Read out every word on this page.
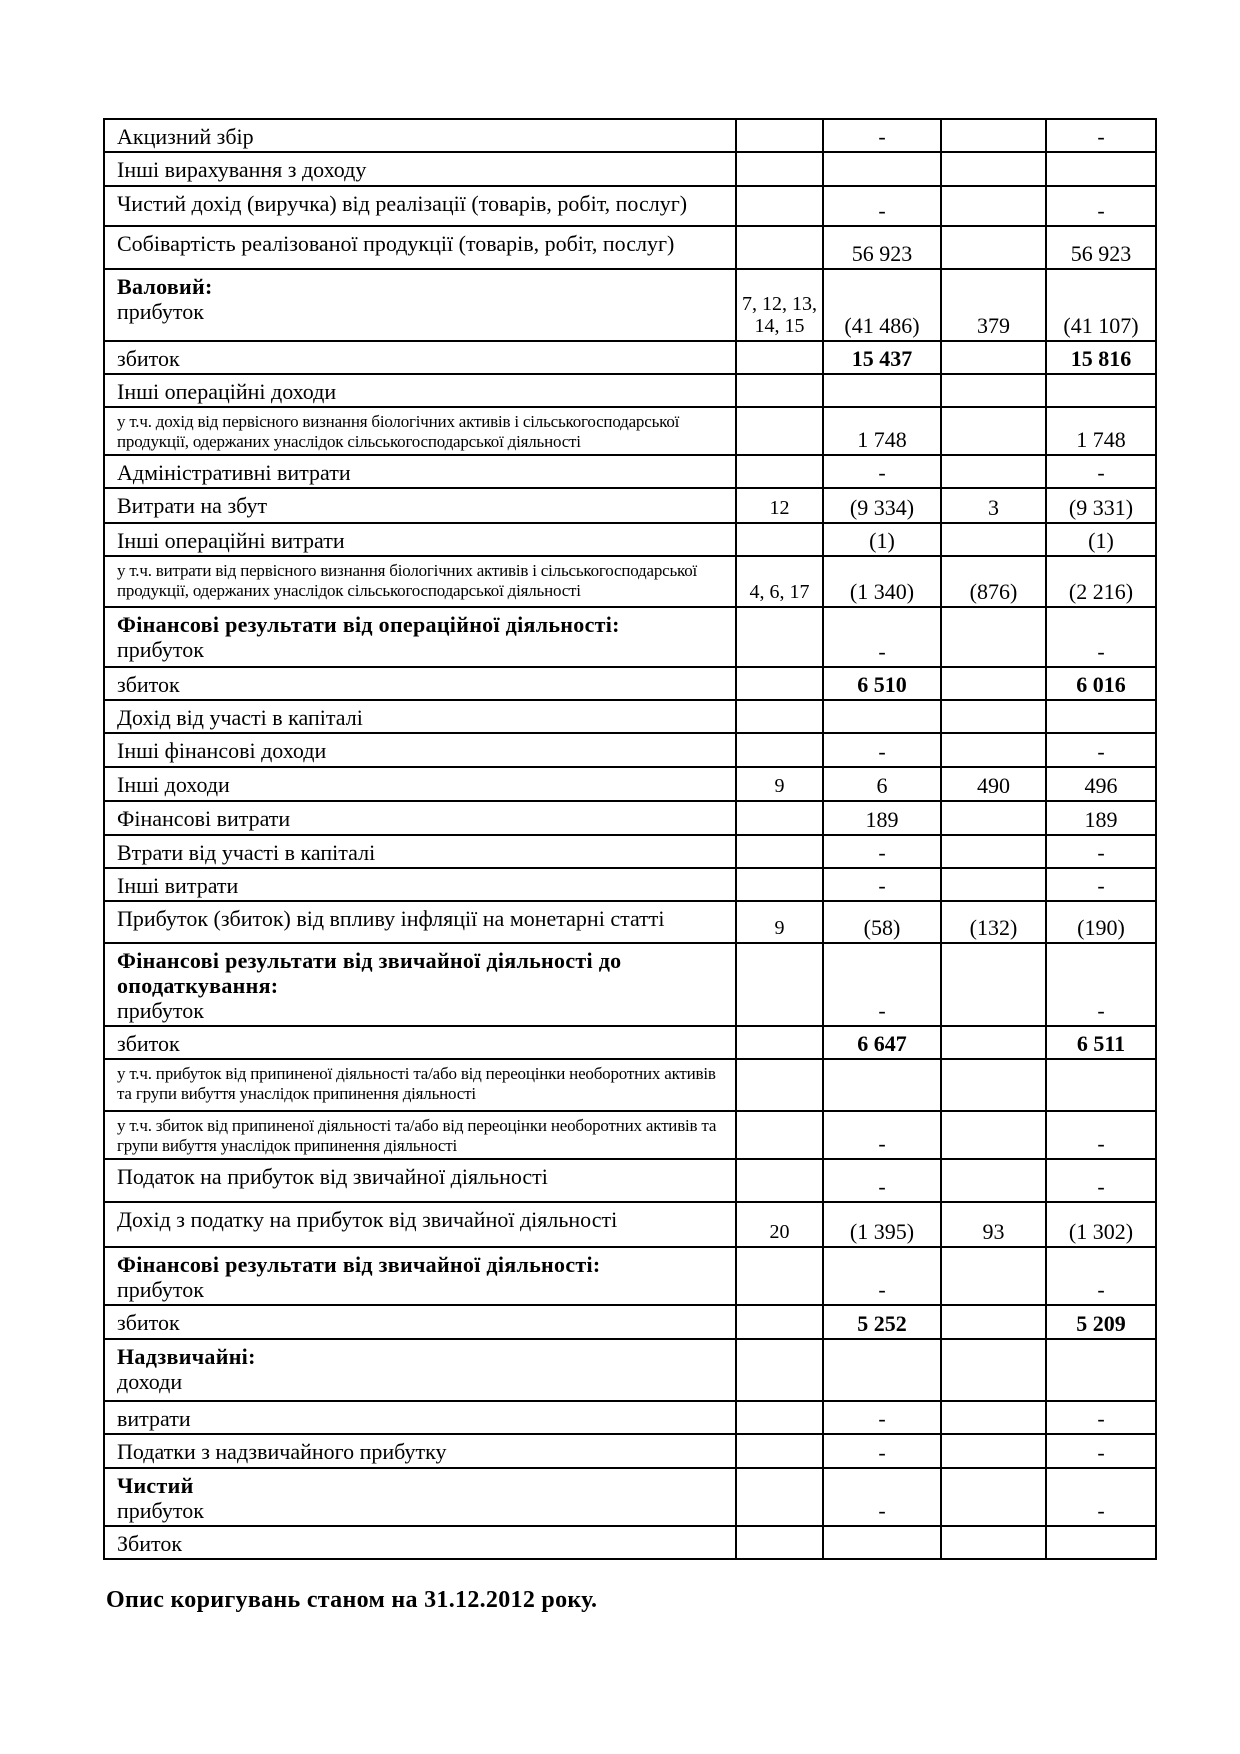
Акцизний збір		-		-

Інші вирахування з доходу				

Чистий дохід (виручка) від реалізації (товарів, робіт, послуг)		-		-

Собівартість реалізованої продукції (товарів, робіт, послуг)		56 923		56 923

Валовий:
прибуток	7, 12, 13, 14, 15	(41 486)	379	(41 107)

збиток		15 437		15 816

Інші операційні доходи				

у т.ч. дохід від первісного визнання біологічних активів і сільськогосподарської продукції, одержаних унаслідок сільськогосподарської діяльності		1 748		1 748

Адміністративні витрати		-		-

Витрати на збут	12	(9 334)	3	(9 331)

Інші операційні витрати		(1)		(1)

у т.ч. витрати від первісного визнання біологічних активів і сільськогосподарської продукції, одержаних унаслідок сільськогосподарської діяльності	4, 6, 17	(1 340)	(876)	(2 216)

Фінансові результати від операційної діяльності:
прибуток		-		-

збиток		6 510		6 016

Дохід від участі в капіталі				

Інші фінансові доходи		-		-

Інші доходи	9	6	490	496

Фінансові витрати		189		189

Втрати від участі в капіталі		-		-

Інші витрати		-		-

Прибуток (збиток) від впливу інфляції на монетарні статті	9	(58)	(132)	(190)

Фінансові результати від звичайної діяльності до оподаткування:
прибуток		-		-

збиток		6 647		6 511

у т.ч. прибуток від припиненої діяльності та/або від переоцінки необоротних активів та групи вибуття унаслідок припинення діяльності				

у т.ч. збиток від припиненої діяльності та/або від переоцінки необоротних активів та групи вибуття унаслідок припинення діяльності		-		-

Податок на прибуток від звичайної діяльності		-		-

Дохід з податку на прибуток від звичайної діяльності	20	(1 395)	93	(1 302)

Фінансові результати від звичайної діяльності:
прибуток		-		-

збиток		5 252		5 209

Надзвичайні:
доходи				

витрати		-		-

Податки з надзвичайного прибутку		-		-

Чистий
прибуток		-		-

Збиток				

Опис коригувань станом на 31.12.2012 року.
